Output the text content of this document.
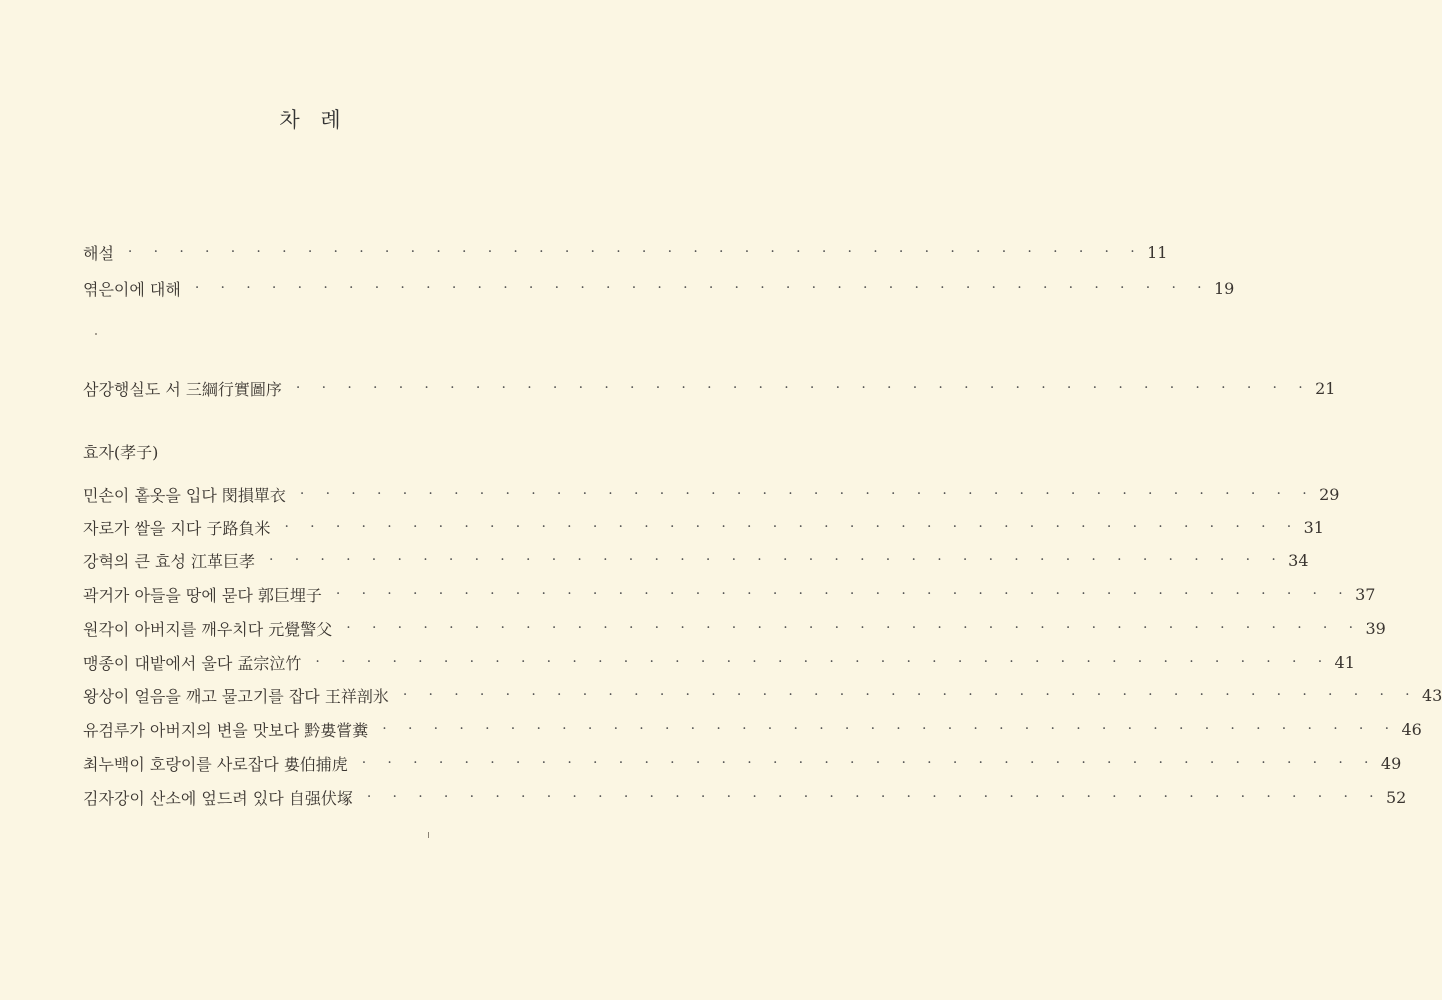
차 례
해설 · · · · · · · · · · · · · · · · · · · · · · · · · · · · · · · · · · · · · · · · 11
엮은이에 대해 · · · · · · · · · · · · · · · · · · · · · · · · · · · · · · · · · · · · · · · · 19
삼강행실도 서 三綱行實圖序 · · · · · · · · · · · · · · · · · · · · · · · · · · · · · · · · · · · · · · · · 21
효자(孝子)
민손이 홑옷을 입다 閔損單衣 · · · · · · · · · · · · · · · · · · · · · · · · · · · · · · · · · · · · · · · · 29
자로가 쌀을 지다 子路負米 · · · · · · · · · · · · · · · · · · · · · · · · · · · · · · · · · · · · · · · · 31
강혁의 큰 효성 江革巨孝 · · · · · · · · · · · · · · · · · · · · · · · · · · · · · · · · · · · · · · · · 34
곽거가 아들을 땅에 묻다 郭巨埋子 · · · · · · · · · · · · · · · · · · · · · · · · · · · · · · · · · · · · · · · · 37
원각이 아버지를 깨우치다 元覺警父 · · · · · · · · · · · · · · · · · · · · · · · · · · · · · · · · · · · · · · · · 39
맹종이 대밭에서 울다 孟宗泣竹 · · · · · · · · · · · · · · · · · · · · · · · · · · · · · · · · · · · · · · · · 41
왕상이 얼음을 깨고 물고기를 잡다 王祥剖氷 · · · · · · · · · · · · · · · · · · · · · · · · · · · · · · · · · · · · · · · · 43
유검루가 아버지의 변을 맛보다 黔婁嘗糞 · · · · · · · · · · · · · · · · · · · · · · · · · · · · · · · · · · · · · · · · 46
최누백이 호랑이를 사로잡다 婁伯捕虎 · · · · · · · · · · · · · · · · · · · · · · · · · · · · · · · · · · · · · · · · 49
김자강이 산소에 엎드려 있다 自强伏塚 · · · · · · · · · · · · · · · · · · · · · · · · · · · · · · · · · · · · · · · · 52
